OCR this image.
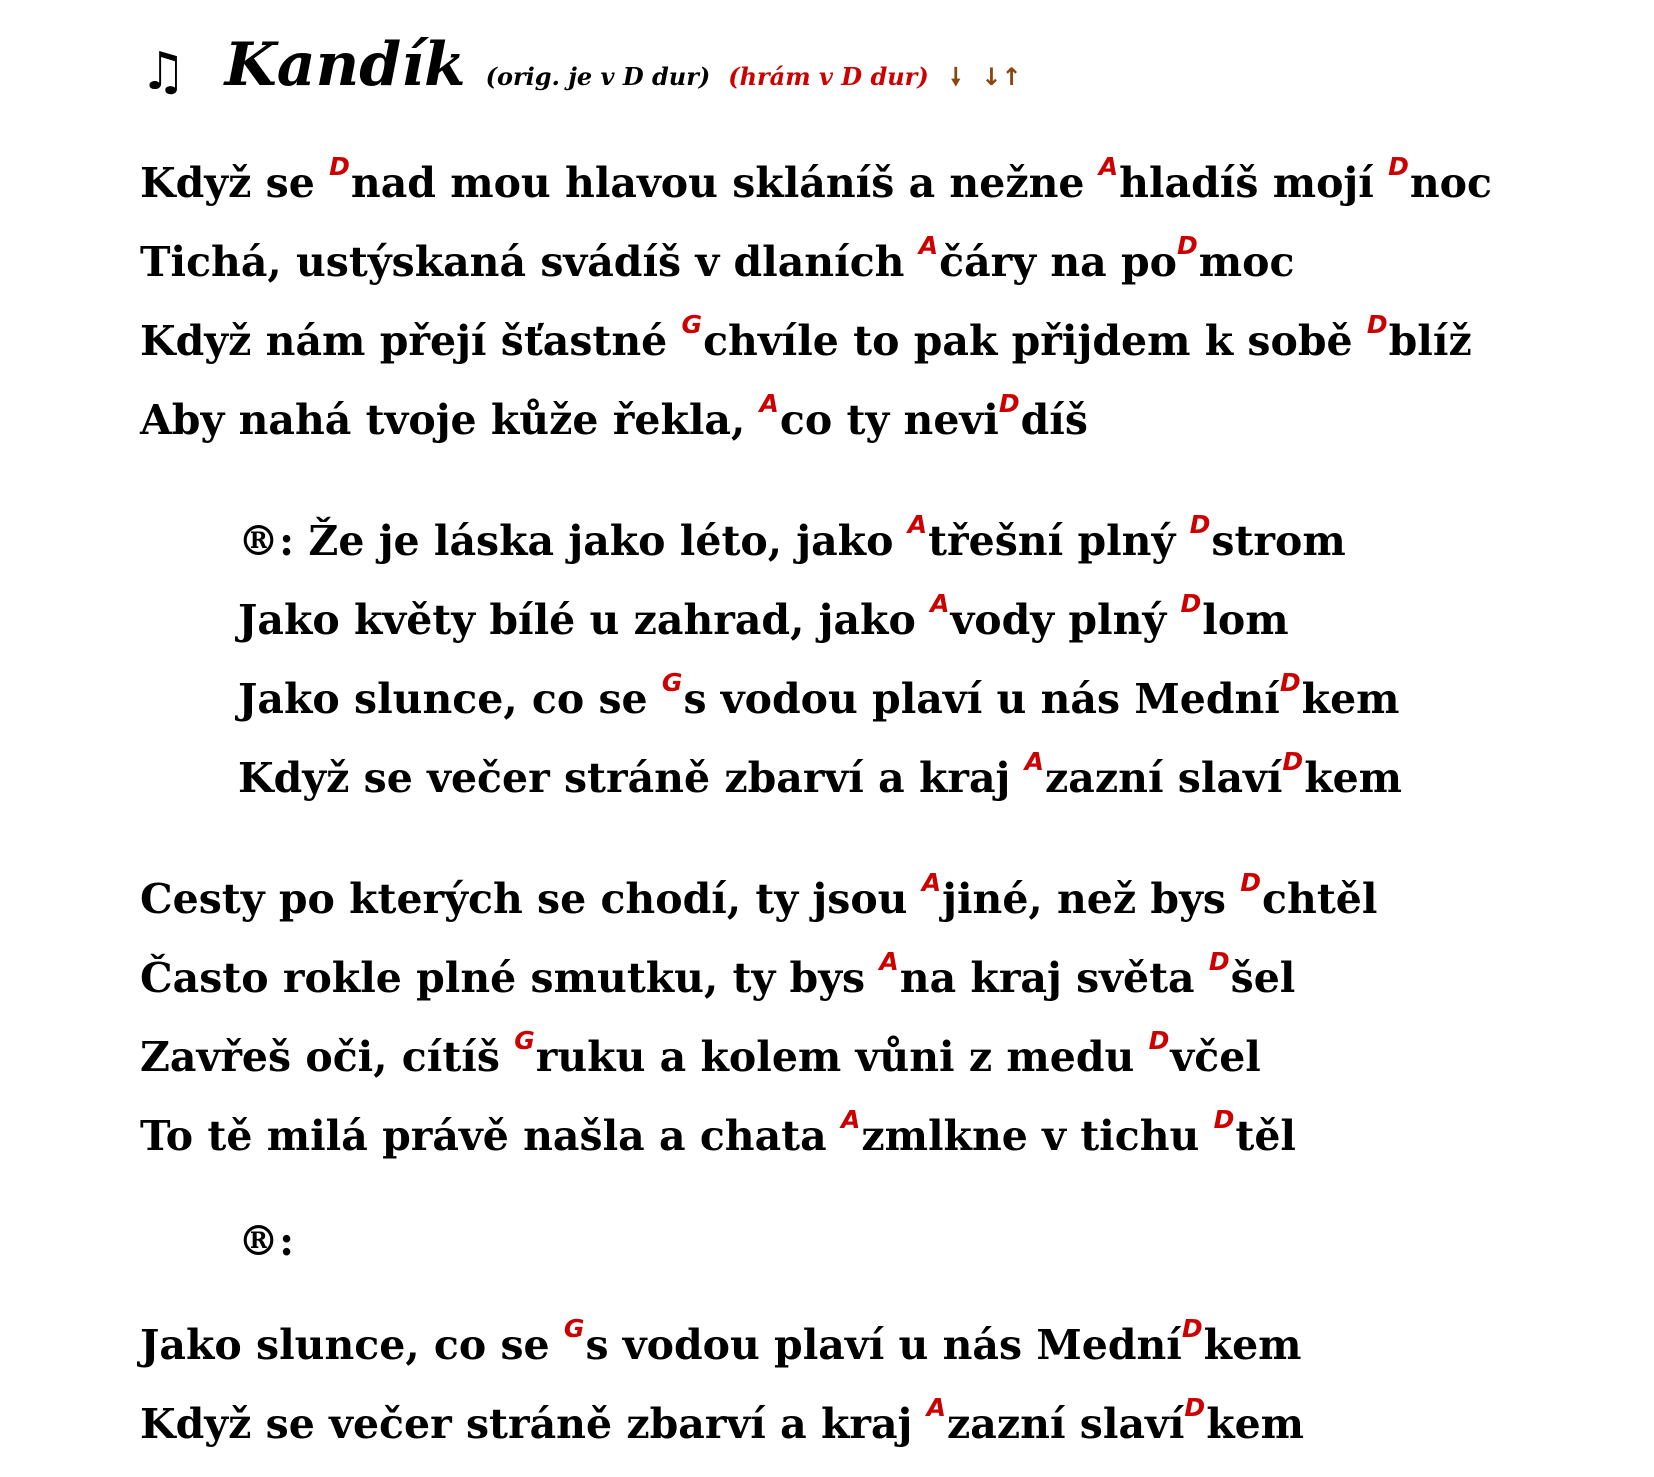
♫ Kandík (orig. je v D dur) (hrám v D dur) 🠗 ↓↑
Když se $^D$nad mou hlavou skláníš a nežne $^A$hladíš mojí $^D$noc
Tichá, ustýskaná svádíš v dlaních $^A$čáry na $po^Dmoc$
Když nám přejí šťastné $^G$chvíle to pak přijdem k sobě $^D$blíž
Aby nahá tvoje kůže řekla, $^A$co ty nevi$^D$díš
®: Že je láska jako léto, jako $^A$třešní plný $^D$strom
Jako květy bílé u zahrad, jako $^A$vody plný $^D$lom
Jako slunce, co se $^G$s vodou plaví u nás Mední$^D$kem
Když se večer stráně zbarví a kraj $^A$zazní slaví$^D$kem
Cesty po kterých se chodí, ty jsou $^A$jiné, než bys $^D$chtěl
Často rokle plné smutku, ty bys $^A$na kraj světa $^D$šel
Zavřeš oči, cítíš $^G$ruku a kolem vůni z medu $^D$včel
To tě milá právě našla a chata $^A$zmlkne v tichu $^D$těl
®:
Jako slunce, co se $^G$s vodou plaví u nás Mední$^D$kem
Když se večer stráně zbarví a kraj $^A$zazní slaví$^D$kem
